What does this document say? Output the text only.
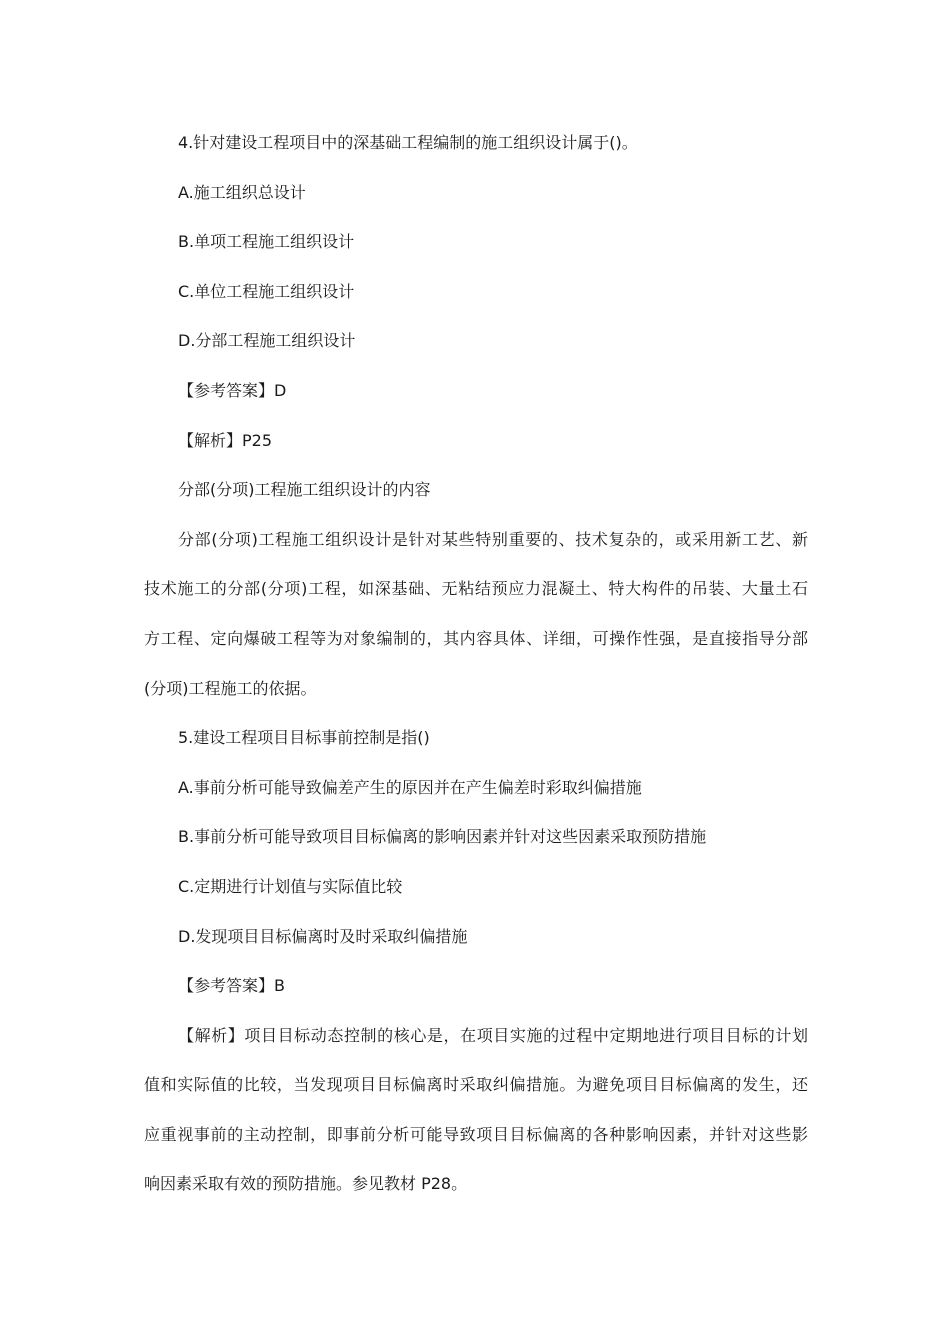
4.针对建设工程项目中的深基础工程编制的施工组织设计属于()。

A.施工组织总设计

B.单项工程施工组织设计

C.单位工程施工组织设计

D.分部工程施工组织设计

【参考答案】D

【解析】P25

分部(分项)工程施工组织设计的内容

分部(分项)工程施工组织设计是针对某些特别重要的、技术复杂的，或采用新工艺、新
技术施工的分部(分项)工程，如深基础、无粘结预应力混凝土、特大构件的吊装、大量土石
方工程、定向爆破工程等为对象编制的，其内容具体、详细，可操作性强，是直接指导分部
(分项)工程施工的依据。

5.建设工程项目目标事前控制是指()

A.事前分析可能导致偏差产生的原因并在产生偏差时彩取纠偏措施

B.事前分析可能导致项目目标偏离的影响因素并针对这些因素采取预防措施

C.定期进行计划值与实际值比较

D.发现项目目标偏离时及时采取纠偏措施

【参考答案】B

【解析】项目目标动态控制的核心是，在项目实施的过程中定期地进行项目目标的计划
值和实际值的比较，当发现项目目标偏离时采取纠偏措施。为避免项目目标偏离的发生，还
应重视事前的主动控制，即事前分析可能导致项目目标偏离的各种影响因素，并针对这些影
响因素采取有效的预防措施。参见教材 P28。
